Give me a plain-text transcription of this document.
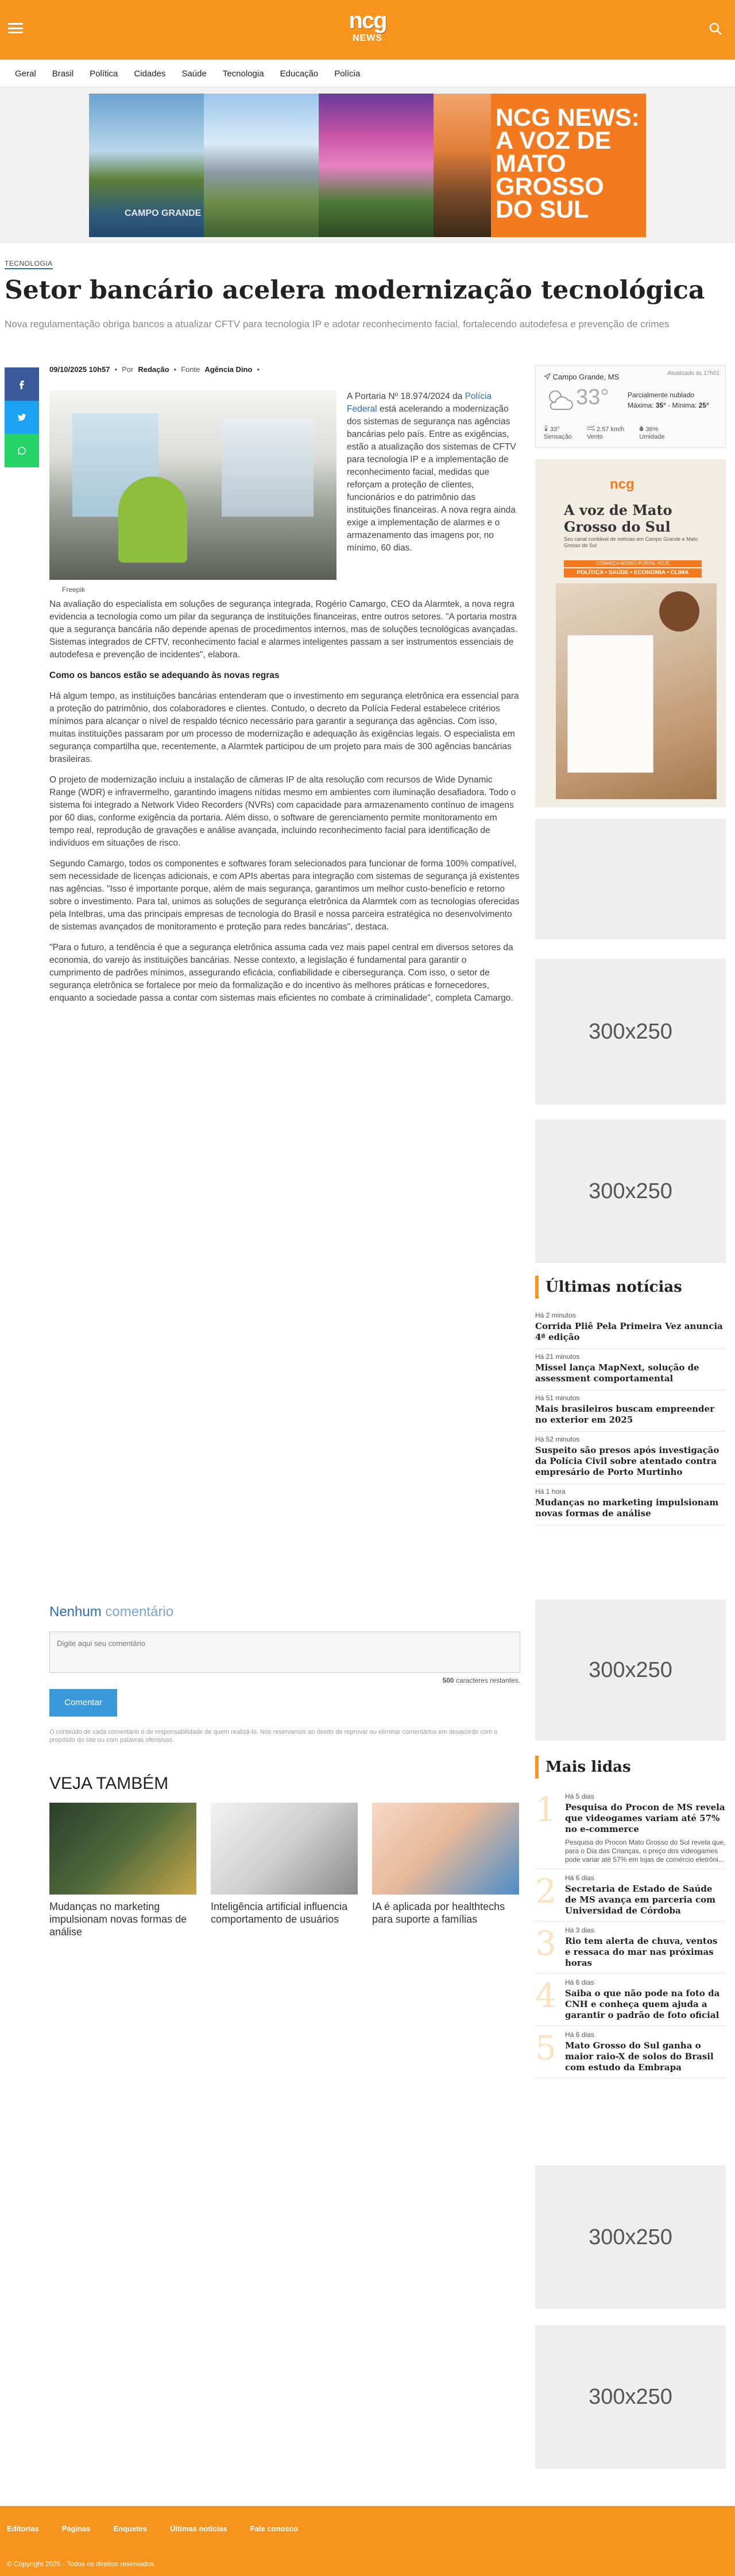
ncg
NEWS
Geral	Brasil	Política	Cidades	Saúde	Tecnologia	Educação	Polícia
CAMPO GRANDE
NCG NEWS: A VOZ DE MATO GROSSO DO SUL
TECNOLOGIA
Setor bancário acelera modernização tecnológica
Nova regulamentação obriga bancos a atualizar CFTV para tecnologia IP e adotar reconhecimento facial, fortalecendo autodefesa e prevenção de crimes
09/10/2025 10h57 • Por Redação • Fonte Agência Dino •
Freepik
A Portaria Nº 18.974/2024 da Polícia Federal está acelerando a modernização dos sistemas de segurança nas agências bancárias pelo país. Entre as exigências, estão a atualização dos sistemas de CFTV para tecnologia IP e a implementação de reconhecimento facial, medidas que reforçam a proteção de clientes, funcionários e do patrimônio das instituições financeiras. A nova regra ainda exige a implementação de alarmes e o armazenamento das imagens por, no mínimo, 60 dias.

Na avaliação do especialista em soluções de segurança integrada, Rogério Camargo, CEO da Alarmtek, a nova regra evidencia a tecnologia como um pilar da segurança de instituições financeiras, entre outros setores. "A portaria mostra que a segurança bancária não depende apenas de procedimentos internos, mas de soluções tecnológicas avançadas. Sistemas integrados de CFTV, reconhecimento facial e alarmes inteligentes passam a ser instrumentos essenciais de autodefesa e prevenção de incidentes", elabora.

Como os bancos estão se adequando às novas regras

Há algum tempo, as instituições bancárias entenderam que o investimento em segurança eletrônica era essencial para a proteção do patrimônio, dos colaboradores e clientes. Contudo, o decreto da Polícia Federal estabelece critérios mínimos para alcançar o nível de respaldo técnico necessário para garantir a segurança das agências. Com isso, muitas instituições passaram por um processo de modernização e adequação às exigências legais. O especialista em segurança compartilha que, recentemente, a Alarmtek participou de um projeto para mais de 300 agências bancárias brasileiras.

O projeto de modernização incluiu a instalação de câmeras IP de alta resolução com recursos de Wide Dynamic Range (WDR) e infravermelho, garantindo imagens nítidas mesmo em ambientes com iluminação desafiadora. Todo o sistema foi integrado a Network Video Recorders (NVRs) com capacidade para armazenamento contínuo de imagens por 60 dias, conforme exigência da portaria. Além disso, o software de gerenciamento permite monitoramento em tempo real, reprodução de gravações e análise avançada, incluindo reconhecimento facial para identificação de indivíduos em situações de risco.

Segundo Camargo, todos os componentes e softwares foram selecionados para funcionar de forma 100% compatível, sem necessidade de licenças adicionais, e com APIs abertas para integração com sistemas de segurança já existentes nas agências. "Isso é importante porque, além de mais segurança, garantimos um melhor custo-benefício e retorno sobre o investimento. Para tal, unimos as soluções de segurança eletrônica da Alarmtek com as tecnologias oferecidas pela Intelbras, uma das principais empresas de tecnologia do Brasil e nossa parceira estratégica no desenvolvimento de sistemas avançados de monitoramento e proteção para redes bancárias", destaca.

"Para o futuro, a tendência é que a segurança eletrônica assuma cada vez mais papel central em diversos setores da economia, do varejo às instituições bancárias. Nesse contexto, a legislação é fundamental para garantir o cumprimento de padrões mínimos, assegurando eficácia, confiabilidade e cibersegurança. Com isso, o setor de segurança eletrônica se fortalece por meio da formalização e do incentivo às melhores práticas e fornecedores, enquanto a sociedade passa a contar com sistemas mais eficientes no combate à criminalidade", completa Camargo.

Campo Grande, MS	Atualizado às 17h01
33°	Parcialmente nublado
Máxima: 35° - Mínima: 25°
33°
Sensação
2.57 km/h
Vento
36%
Umidade
ncg
A voz de Mato Grosso do Sul
Seu canal confiável de notícias em Campo Grande e Mato Grosso do Sul
CONHEÇA NOSSO PORTAL HOJE
POLÍTICA • SAÚDE • ECONOMIA • CLIMA
300x250
300x250
Últimas notícias
Há 2 minutos
Corrida Pliê Pela Primeira Vez anuncia 4ª edição
Há 21 minutos
Missel lança MapNext, solução de assessment comportamental
Há 51 minutos
Mais brasileiros buscam empreender no exterior em 2025
Há 52 minutos
Suspeito são presos após investigação da Polícia Civil sobre atentado contra empresário de Porto Murtinho
Há 1 hora
Mudanças no marketing impulsionam novas formas de análise
300x250
Nenhum comentário
Digite aqui seu comentário
500 caracteres restantes.
Comentar
O conteúdo de cada comentário é de responsabilidade de quem realizá-lo. Nos reservamos ao direito de reprovar ou eliminar comentários em desacordo com o propósito do site ou com palavras ofensivas.
VEJA TAMBÉM
Mudanças no marketing impulsionam novas formas de análise
Inteligência artificial influencia comportamento de usuários
IA é aplicada por healthtechs para suporte a famílias
Mais lidas
1	Há 5 dias
Pesquisa do Procon de MS revela que videogames variam até 57% no e-commerce
Pesquisa do Procon Mato Grosso do Sul revela que, para o Dia das Crianças, o preço dos videogames pode variar até 57% em lojas de comércio eletrôni...
2	Há 6 dias
Secretaria de Estado de Saúde de MS avança em parceria com Universidad de Córdoba
3	Há 3 dias
Rio tem alerta de chuva, ventos e ressaca do mar nas próximas horas
4	Há 6 dias
Saiba o que não pode na foto da CNH e conheça quem ajuda a garantir o padrão de foto oficial
5	Há 6 dias
Mato Grosso do Sul ganha o maior raio-X de solos do Brasil com estudo da Embrapa
300x250
300x250
Editorias	Páginas	Enquetes	Últimas notícias	Fale conosco
© Copyright 2025 - Todos os direitos reservados
